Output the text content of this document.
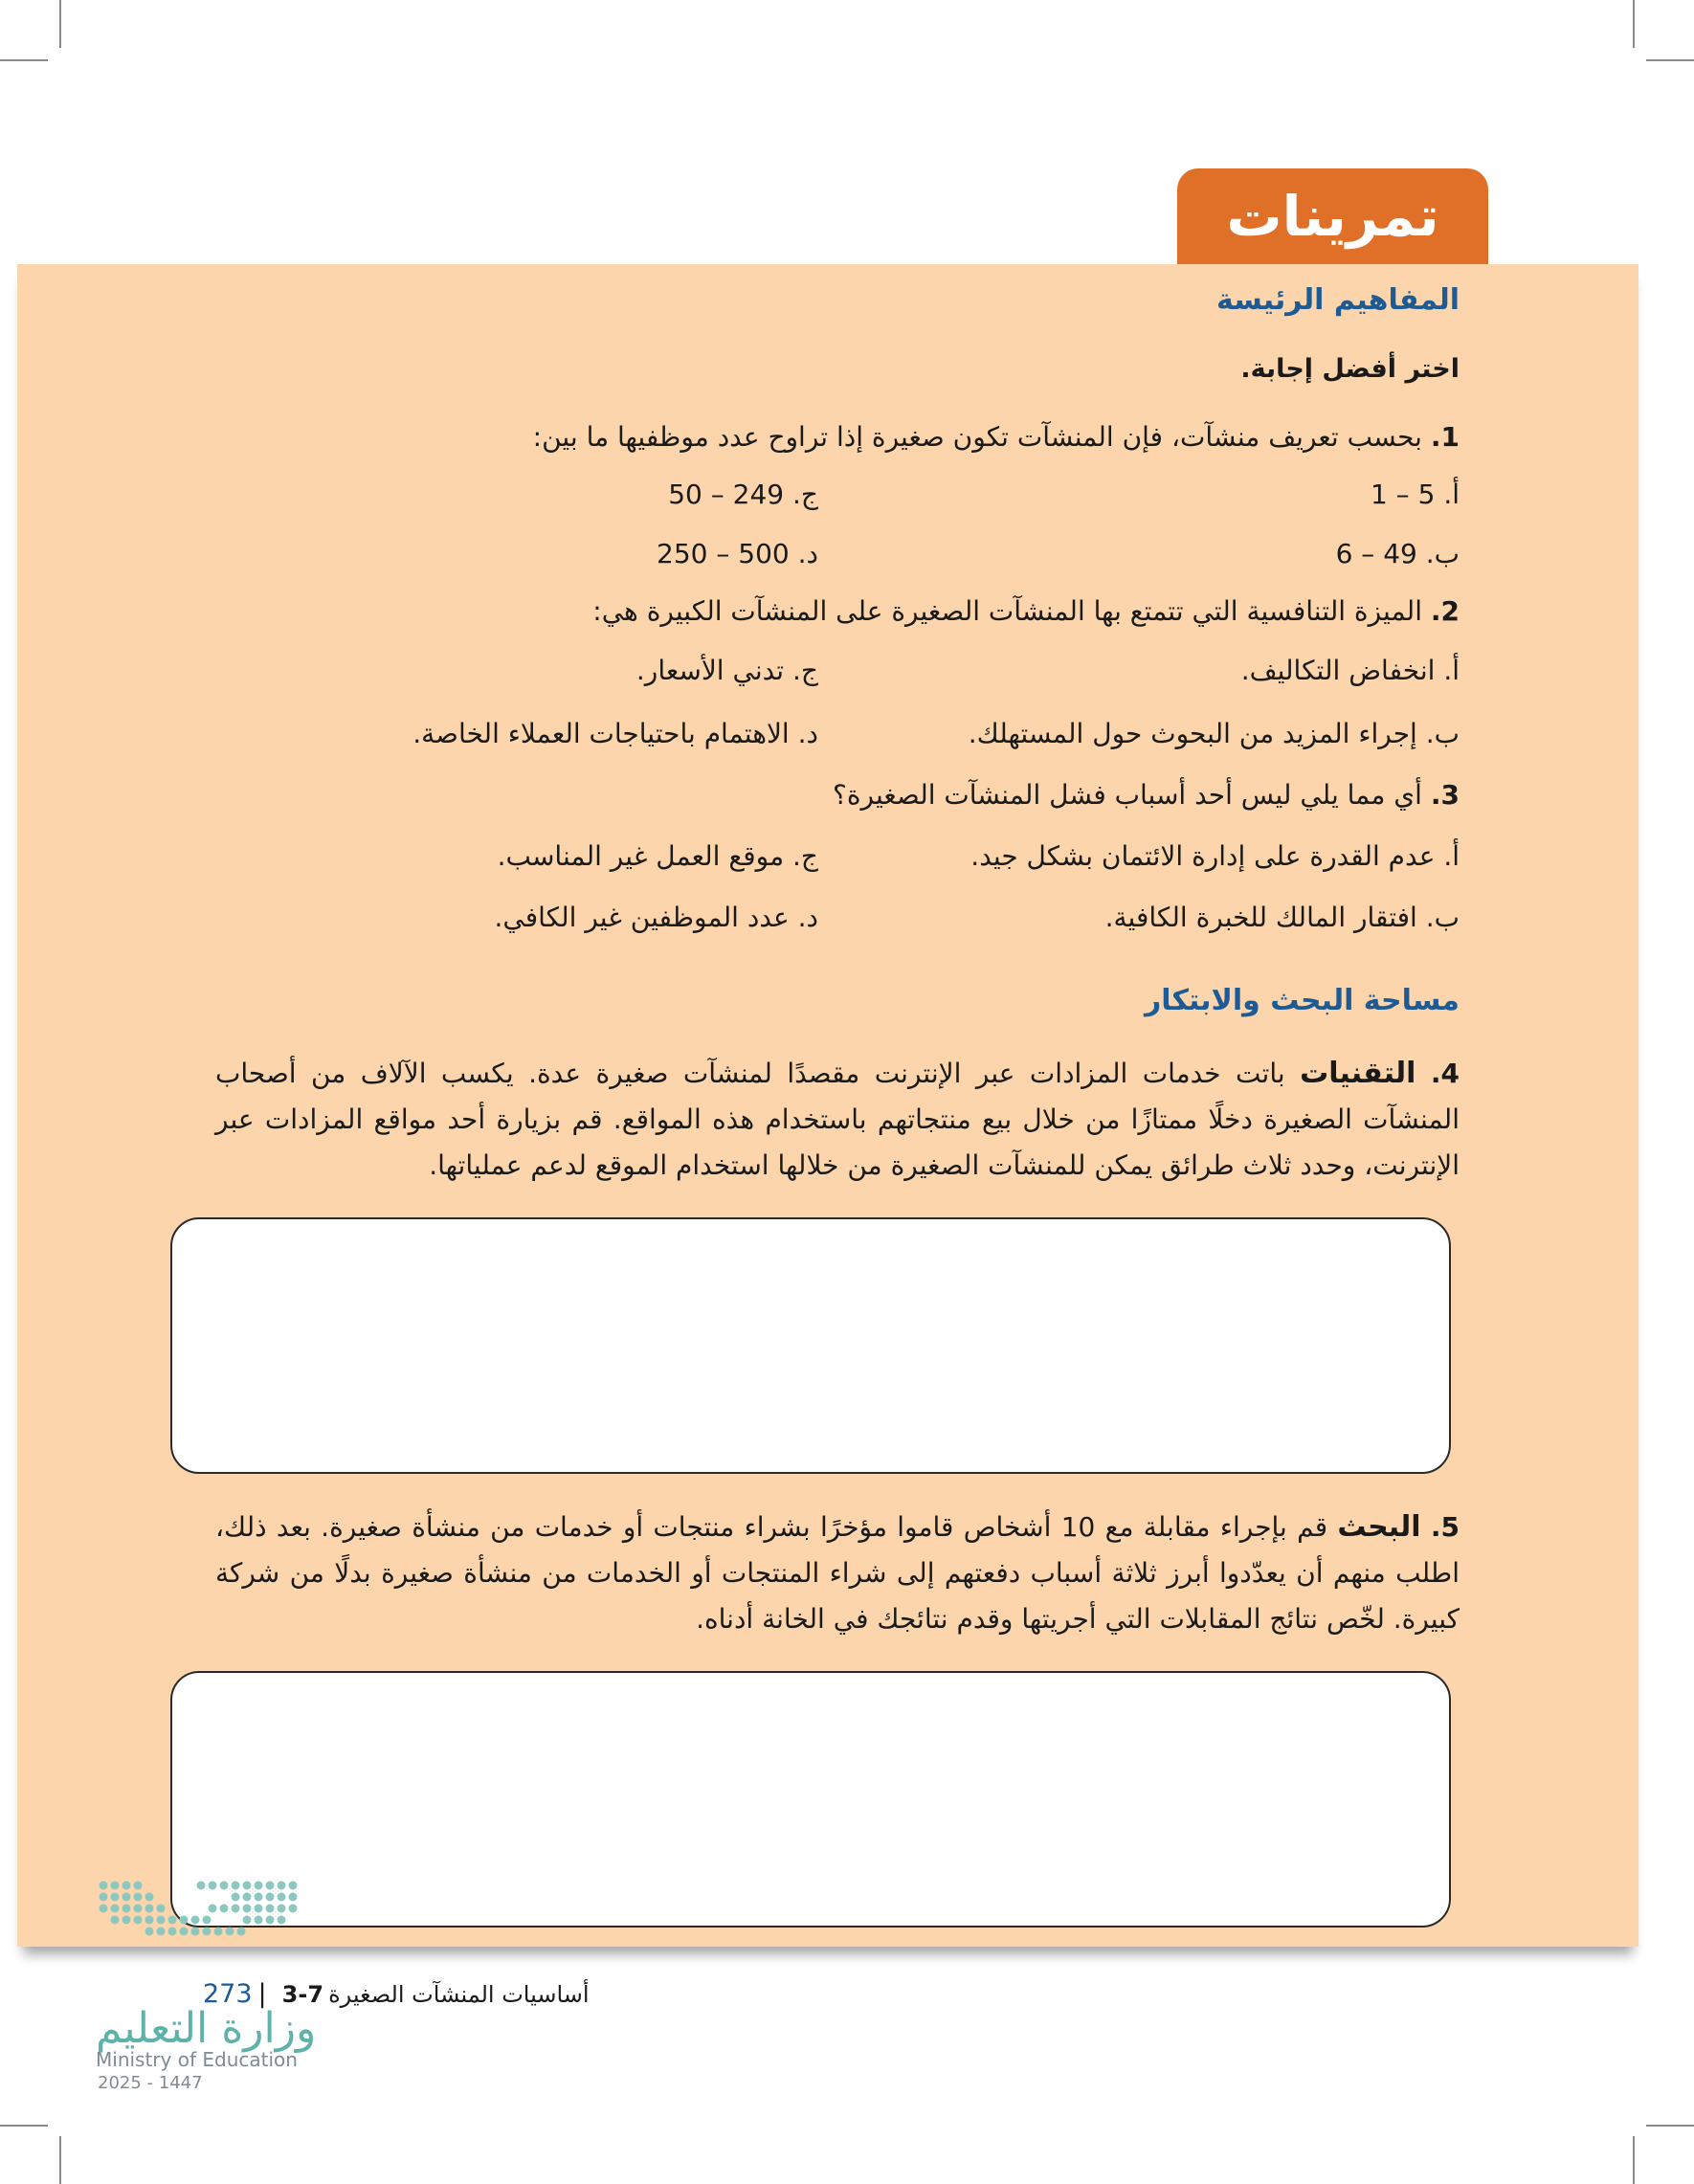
تمرينات
المفاهيم الرئيسة
اختر أفضل إجابة.
1. بحسب تعريف منشآت، فإن المنشآت تكون صغيرة إذا تراوح عدد موظفيها ما بين:
أ. 1 – 5
ج. 50 – 249
ب. 6 – 49
د. 250 – 500
2. الميزة التنافسية التي تتمتع بها المنشآت الصغيرة على المنشآت الكبيرة هي:
أ. انخفاض التكاليف.
ج. تدني الأسعار.
ب. إجراء المزيد من البحوث حول المستهلك.
د. الاهتمام باحتياجات العملاء الخاصة.
3. أي مما يلي ليس أحد أسباب فشل المنشآت الصغيرة؟
أ. عدم القدرة على إدارة الائتمان بشكل جيد.
ج. موقع العمل غير المناسب.
ب. افتقار المالك للخبرة الكافية.
د. عدد الموظفين غير الكافي.
مساحة البحث والابتكار
4. التقنيات باتت خدمات المزادات عبر الإنترنت مقصدًا لمنشآت صغيرة عدة. يكسب الآلاف من أصحاب المنشآت الصغيرة دخلًا ممتازًا من خلال بيع منتجاتهم باستخدام هذه المواقع. قم بزيارة أحد مواقع المزادات عبر الإنترنت، وحدد ثلاث طرائق يمكن للمنشآت الصغيرة من خلالها استخدام الموقع لدعم عملياتها.
5. البحث قم بإجراء مقابلة مع 10 أشخاص قاموا مؤخرًا بشراء منتجات أو خدمات من منشأة صغيرة. بعد ذلك، اطلب منهم أن يعدّدوا أبرز ثلاثة أسباب دفعتهم إلى شراء المنتجات أو الخدمات من منشأة صغيرة بدلًا من شركة كبيرة. لخّص نتائج المقابلات التي أجريتها وقدم نتائجك في الخانة أدناه.
وزارة التعليم
Ministry of Education
2025 - 1447
273 |	أساسيات المنشآت الصغيرة 3-7
